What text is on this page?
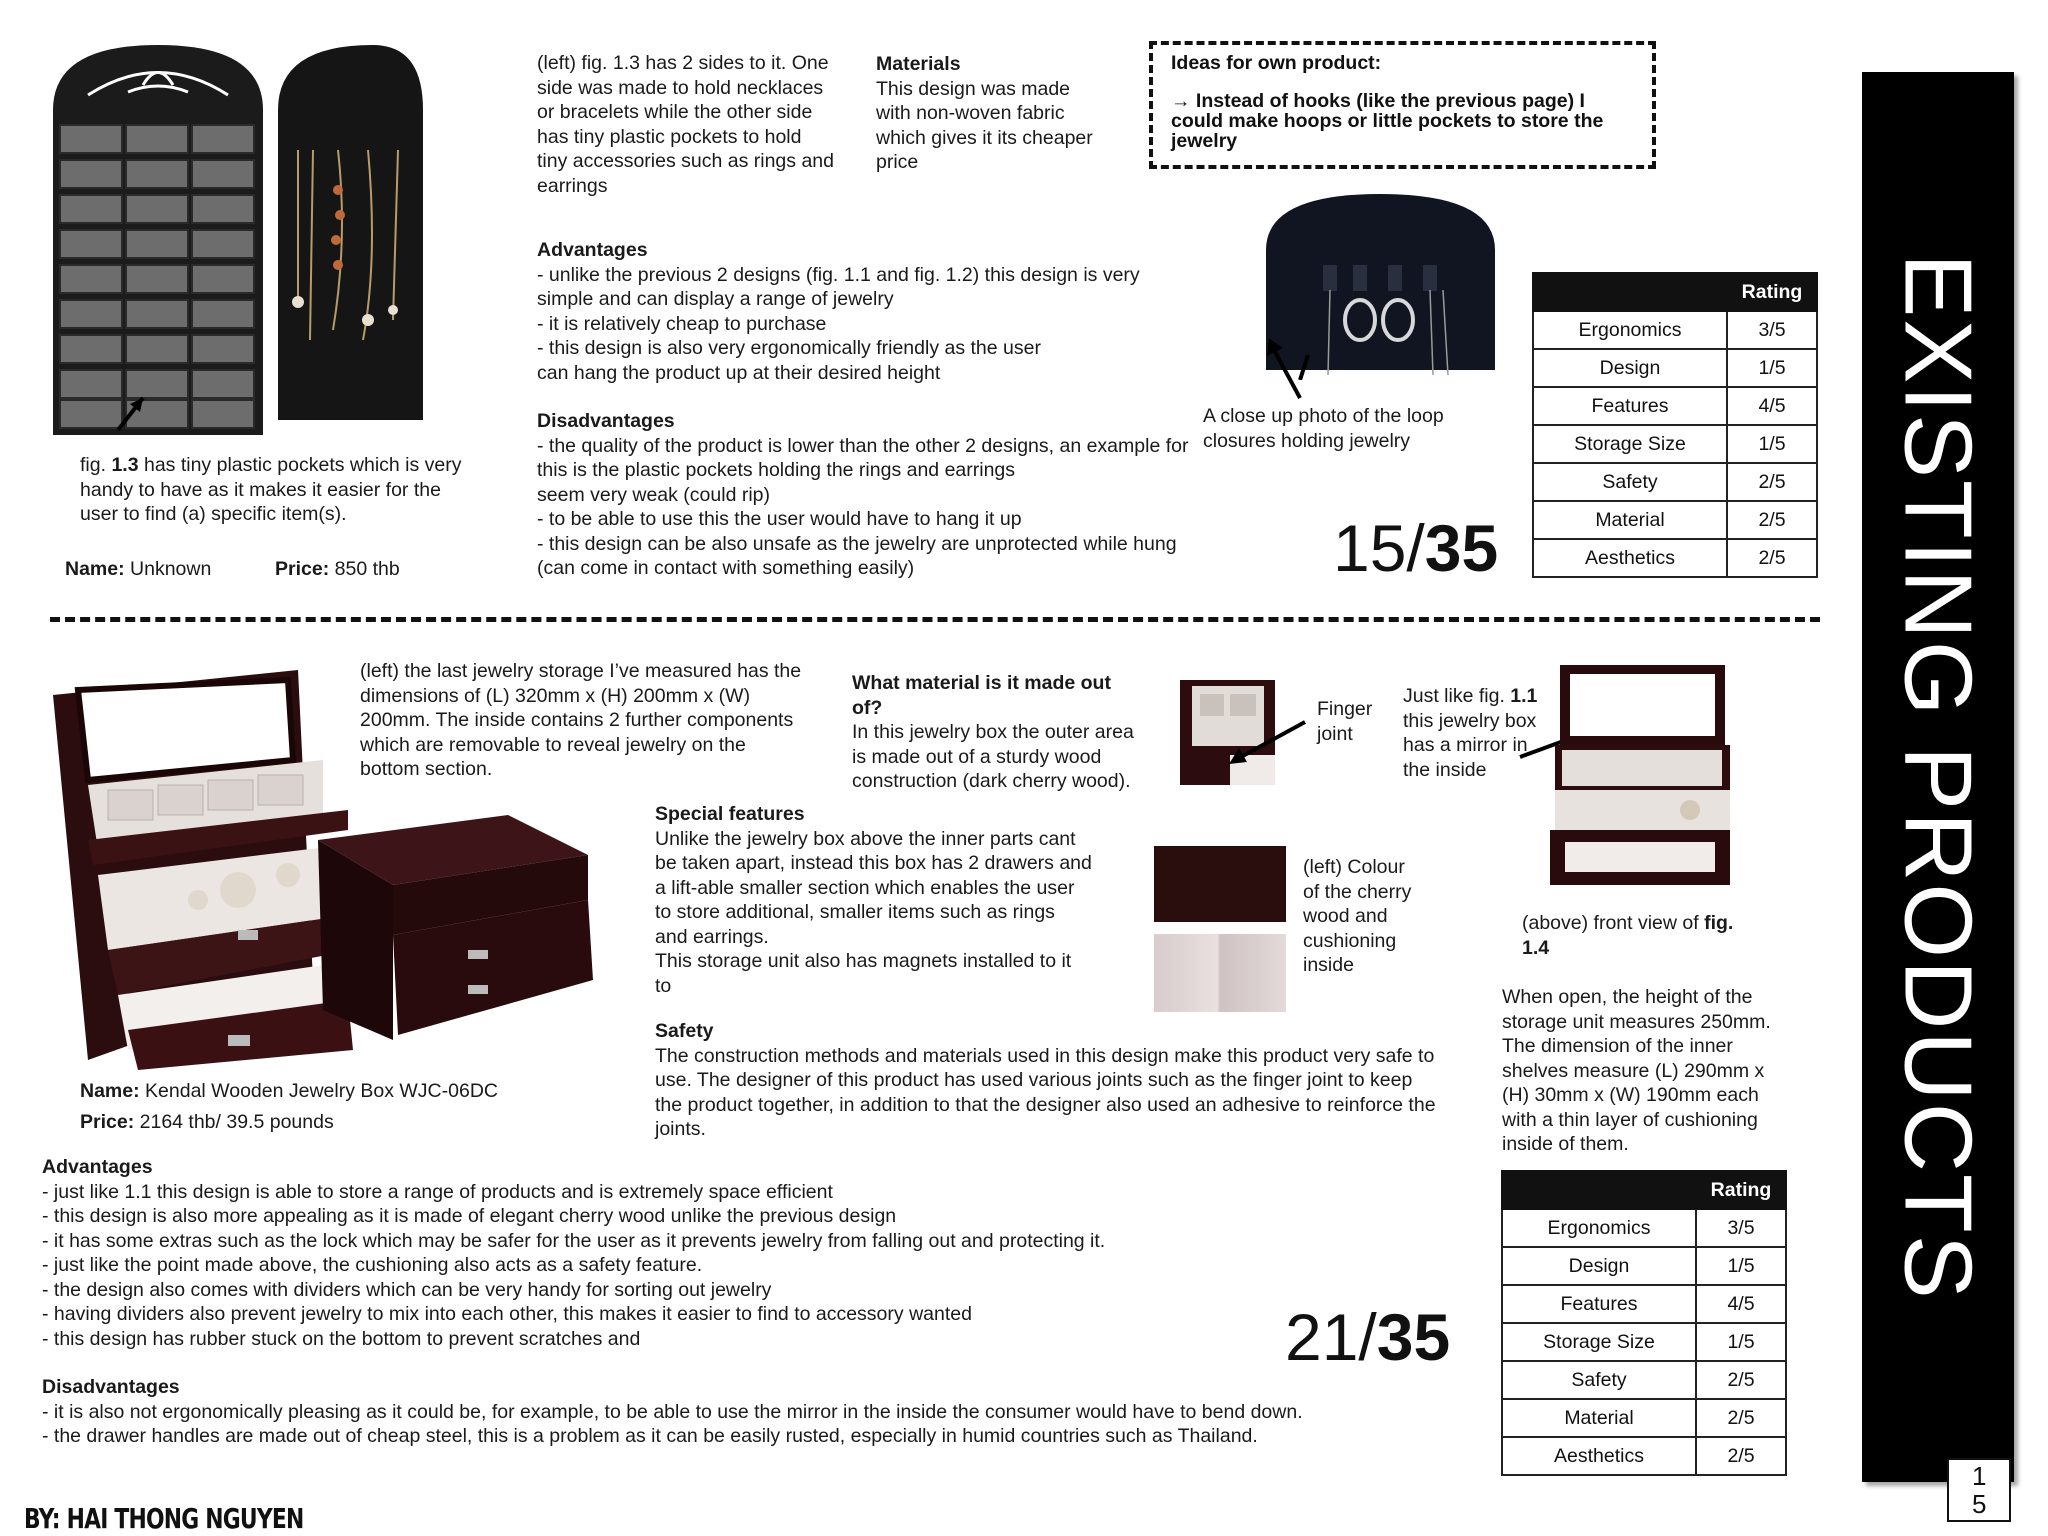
fig. 1.3 has tiny plastic pockets which is very
handy to have as it makes it easier for the
user to find (a) specific item(s).
Name: Unknown	Price: 850 thb
(left) fig. 1.3 has 2 sides to it. One
side was made to hold necklaces
or bracelets while the other side
has tiny plastic pockets to hold
tiny accessories such as rings and
earrings
Materials
This design was made
with non-woven fabric
which gives it its cheaper
price
Ideas for own product:
→ Instead of hooks (like the previous page) I could make hoops or little pockets to store the jewelry
Advantages
- unlike the previous 2 designs (fig. 1.1 and fig. 1.2) this design is very
simple and can display a range of jewelry
- it is relatively cheap to purchase
- this design is also very ergonomically friendly as the user
can hang the product up at their desired height
Disadvantages
- the quality of the product is lower than the other 2 designs, an example for
this is the plastic pockets holding the rings and earrings
seem very weak (could rip)
- to be able to use this the user would have to hang it up
- this design can be also unsafe as the jewelry are unprotected while hung
(can come in contact with something easily)
A close up photo of the loop
closures holding jewelry
15/35
	Rating
Ergonomics	3/5
Design	1/5
Features	4/5
Storage Size	1/5
Safety	2/5
Material	2/5
Aesthetics	2/5
(left) the last jewelry storage I’ve measured has the
dimensions of (L) 320mm x (H) 200mm x (W)
200mm. The inside contains 2 further components
which are removable to reveal jewelry on the
bottom section.
What material is it made out
of?
In this jewelry box the outer area
is made out of a sturdy wood
construction (dark cherry wood).
Finger
joint
Just like fig. 1.1
this jewelry box
has a mirror in
the inside
(above) front view of fig.
1.4
Special features
Unlike the jewelry box above the inner parts cant
be taken apart, instead this box has 2 drawers and
a lift-able smaller section which enables the user
to store additional, smaller items such as rings
and earrings.
This storage unit also has magnets installed to it
to
(left) Colour
of the cherry
wood and
cushioning
inside
When open, the height of the
storage unit measures 250mm.
The dimension of the inner
shelves measure (L) 290mm x
(H) 30mm x (W) 190mm each
with a thin layer of cushioning
inside of them.
Safety
The construction methods and materials used in this design make this product very safe to
use. The designer of this product has used various joints such as the finger joint to keep
the product together, in addition to that the designer also used an adhesive to reinforce the
joints.
Name: Kendal Wooden Jewelry Box WJC-06DC
Price: 2164 thb/ 39.5 pounds
Advantages
- just like 1.1 this design is able to store a range of products and is extremely space efficient
- this design is also more appealing as it is made of elegant cherry wood unlike the previous design
- it has some extras such as the lock which may be safer for the user as it prevents jewelry from falling out and protecting it.
- just like the point made above, the cushioning also acts as a safety feature.
- the design also comes with dividers which can be very handy for sorting out jewelry
- having dividers also prevent jewelry to mix into each other, this makes it easier to find to accessory wanted
- this design has rubber stuck on the bottom to prevent scratches and
Disadvantages
- it is also not ergonomically pleasing as it could be, for example, to be able to use the mirror in the inside the consumer would have to bend down.
- the drawer handles are made out of cheap steel, this is a problem as it can be easily rusted, especially in humid countries such as Thailand.
21/35
	Rating
Ergonomics	3/5
Design	1/5
Features	4/5
Storage Size	1/5
Safety	2/5
Material	2/5
Aesthetics	2/5
EXISTING PRODUCTS
15
BY: HAI THONG NGUYEN
